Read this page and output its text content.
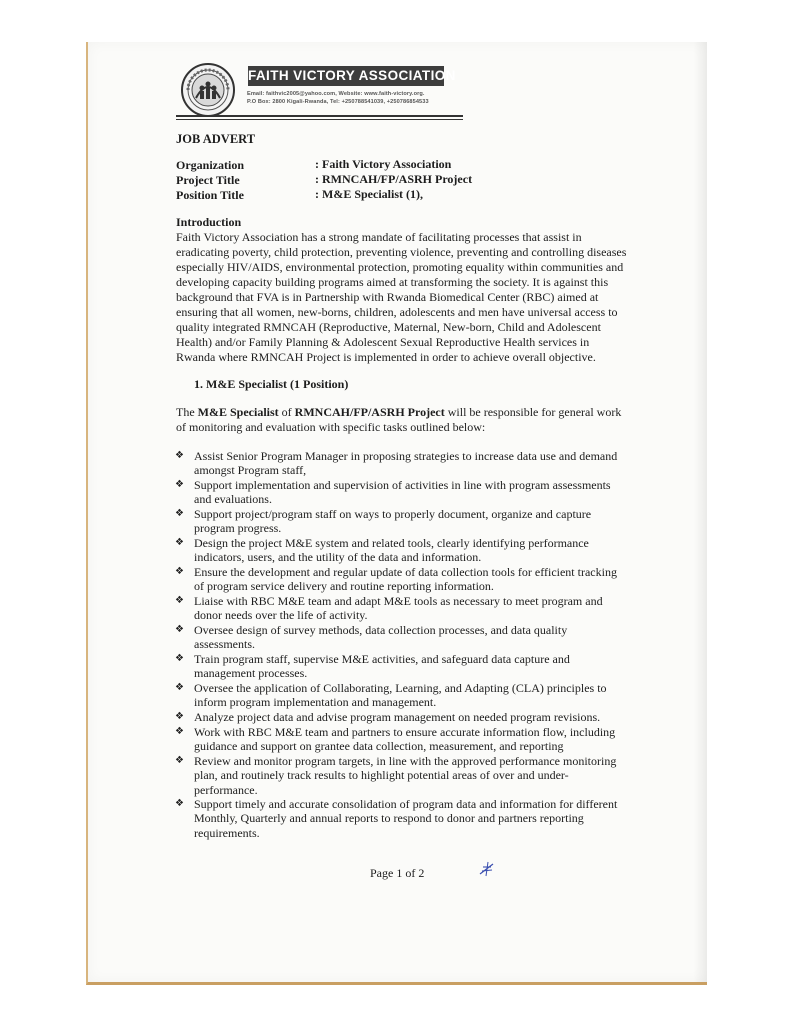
FAITH VICTORY ASSOCIATION
Email: faithvic2005@yahoo.com, Website: www.faith-victory.org.
P.O Box: 2800 Kigali-Rwanda, Tel: +250788541039, +250786854533
JOB ADVERT
Organization	: Faith Victory Association
Project Title	: RMNCAH/FP/ASRH Project
Position Title	: M&E Specialist (1),
Introduction
Faith Victory Association has a strong mandate of facilitating processes that assist in
eradicating poverty, child protection, preventing violence, preventing and controlling diseases
especially HIV/AIDS, environmental protection, promoting equality within communities and
developing capacity building programs aimed at transforming the society. It is against this
background that FVA is in Partnership with Rwanda Biomedical Center (RBC) aimed at
ensuring that all women, new-borns, children, adolescents and men have universal access to
quality integrated RMNCAH (Reproductive, Maternal, New-born, Child and Adolescent
Health) and/or Family Planning & Adolescent Sexual Reproductive Health services in
Rwanda where RMNCAH Project is implemented in order to achieve overall objective.
1. M&E Specialist (1 Position)
The M&E Specialist of RMNCAH/FP/ASRH Project will be responsible for general work
of monitoring and evaluation with specific tasks outlined below:
❖ Assist Senior Program Manager in proposing strategies to increase data use and demand
amongst Program staff,
❖ Support implementation and supervision of activities in line with program assessments
and evaluations.
❖ Support project/program staff on ways to properly document, organize and capture
program progress.
❖ Design the project M&E system and related tools, clearly identifying performance
indicators, users, and the utility of the data and information.
❖ Ensure the development and regular update of data collection tools for efficient tracking
of program service delivery and routine reporting information.
❖ Liaise with RBC M&E team and adapt M&E tools as necessary to meet program and
donor needs over the life of activity.
❖ Oversee design of survey methods, data collection processes, and data quality
assessments.
❖ Train program staff, supervise M&E activities, and safeguard data capture and
management processes.
❖ Oversee the application of Collaborating, Learning, and Adapting (CLA) principles to
inform program implementation and management.
❖ Analyze project data and advise program management on needed program revisions.
❖ Work with RBC M&E team and partners to ensure accurate information flow, including
guidance and support on grantee data collection, measurement, and reporting
❖ Review and monitor program targets, in line with the approved performance monitoring
plan, and routinely track results to highlight potential areas of over and under-
performance.
❖ Support timely and accurate consolidation of program data and information for different
Monthly, Quarterly and annual reports to respond to donor and partners reporting
requirements.
Page 1 of 2
